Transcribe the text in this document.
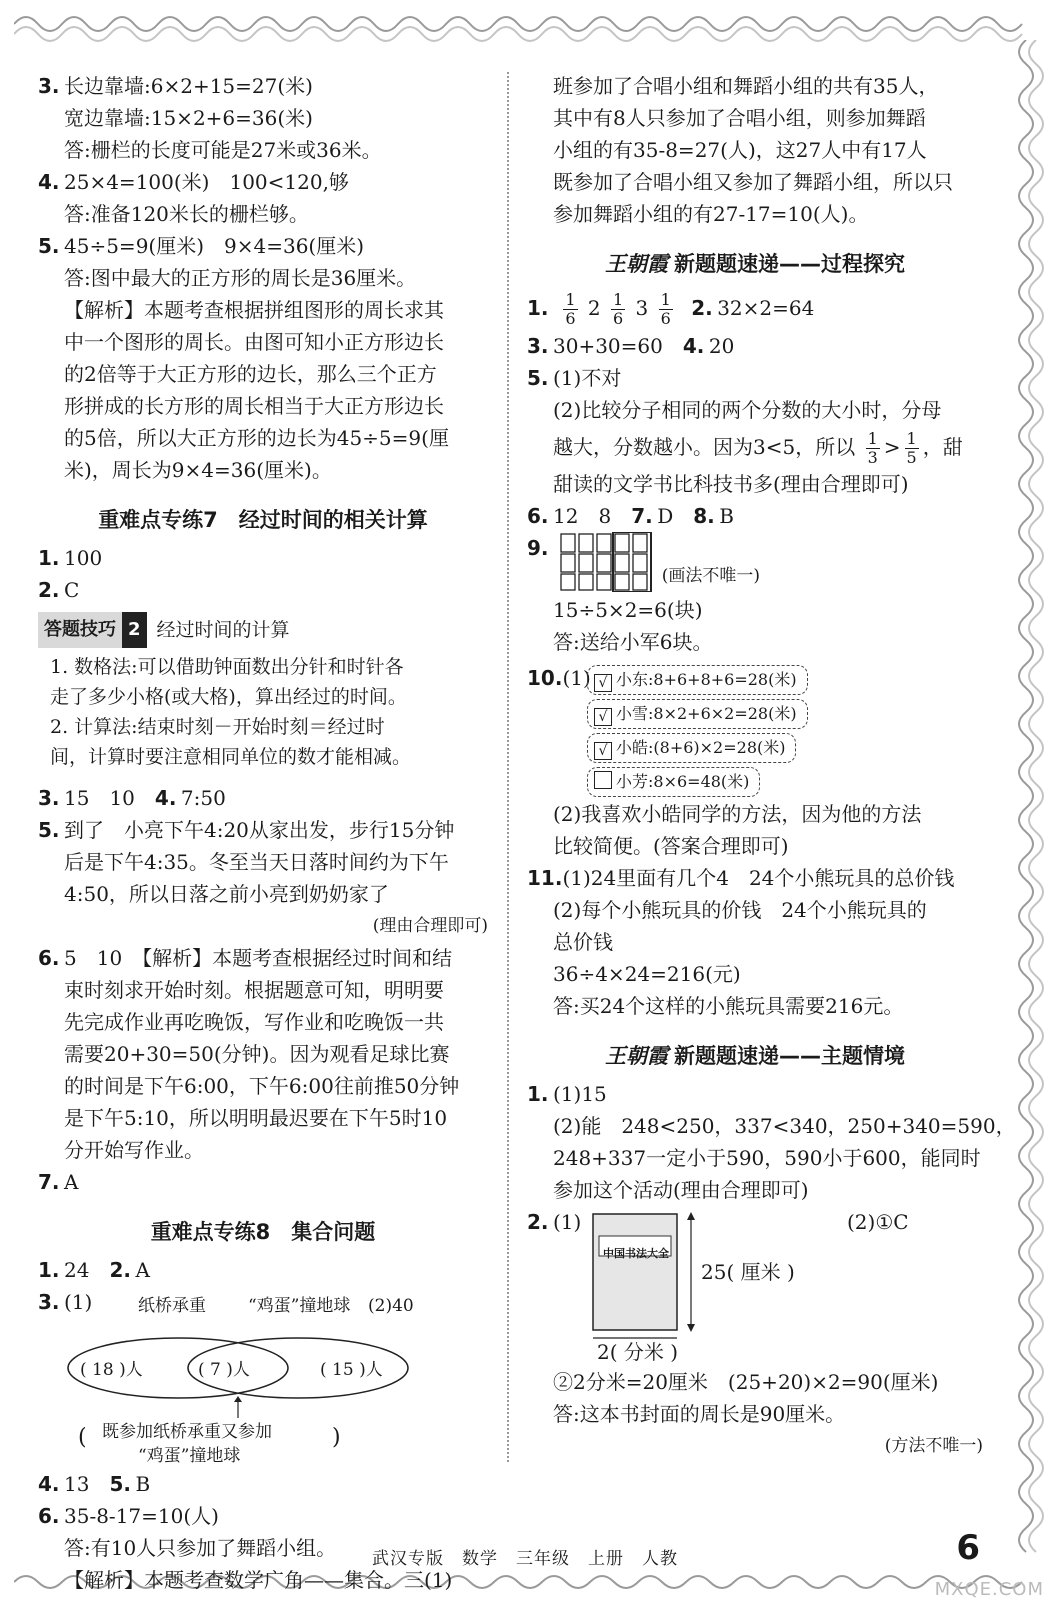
3. 长边靠墙:6×2+15=27(米)
宽边靠墙:15×2+6=36(米)
答:栅栏的长度可能是27米或36米。
4. 25×4=100(米)　100<120,够
答:准备120米长的栅栏够。
5. 45÷5=9(厘米)　9×4=36(厘米)
答:图中最大的正方形的周长是36厘米。
【解析】本题考查根据拼组图形的周长求其
中一个图形的周长。由图可知小正方形边长
的2倍等于大正方形的边长，那么三个正方
形拼成的长方形的周长相当于大正方形边长
的5倍，所以大正方形的边长为45÷5=9(厘
米)，周长为9×4=36(厘米)。
重难点专练7　经过时间的相关计算
1. 100
2. C
答题技巧 2 经过时间的计算
1. 数格法:可以借助钟面数出分针和时针各
走了多少小格(或大格)，算出经过的时间。
2. 计算法:结束时刻－开始时刻＝经过时
间，计算时要注意相同单位的数才能相减。
3. 15　10　 4. 7:50
5. 到了　小亮下午4:20从家出发，步行15分钟
后是下午4:35。冬至当天日落时间约为下午
4:50，所以日落之前小亮到奶奶家了
(理由合理即可)
6. 5　10　【解析】本题考查根据经过时间和结
束时刻求开始时刻。根据题意可知，明明要
先完成作业再吃晚饭，写作业和吃晚饭一共
需要20+30=50(分钟)。因为观看足球比赛
的时间是下午6:00，下午6:00往前推50分钟
是下午5:10，所以明明最迟要在下午5时10
分开始写作业。
7. A
重难点专练8　集合问题
1. 24　 2. A
3. (1)	纸桥承重 “鸡蛋”撞地球 (2)40
( 18 )人	( 7 )人	( 15 )人
(	)
既参加纸桥承重又参加
“鸡蛋”撞地球
4. 13　 5. B
6. 35-8-17=10(人)
答:有10人只参加了舞蹈小组。
【解析】本题考查数学广角——集合。三(1)
班参加了合唱小组和舞蹈小组的共有35人，
其中有8人只参加了合唱小组，则参加舞蹈
小组的有35-8=27(人)，这27人中有17人
既参加了合唱小组又参加了舞蹈小组，所以只
参加舞蹈小组的有27-17=10(人)。
王朝霞 新题题速递——过程探究
1. $\frac{1}{6} 2 \frac{1}{6} 3 \frac{1}{6} 2$. 32×2=64
3. 30+30=60　 4. 20
5. (1)不对
(2)比较分子相同的两个分数的大小时，分母
越大，分数越小。因为3<5，所以 $\frac{1}{3} > \frac{1}{5}$ ，甜
甜读的文学书比科技书多(理由合理即可)
6. 12　8　 7. D　 8. B
9.  (画法不唯一)
15÷5×2=6(块)
答:送给小军6块。
10.(1) √ 小东:8+6+8+6=28(米)
√ 小雪:8×2+6×2=28(米)
√ 小皓:(8+6)×2=28(米)
小芳:8×6=48(米)
(2)我喜欢小皓同学的方法，因为他的方法
比较简便。(答案合理即可)
11.(1)24里面有几个4　24个小熊玩具的总价钱
(2)每个小熊玩具的价钱　24个小熊玩具的
总价钱
36÷4×24=216(元)
答:买24个这样的小熊玩具需要216元。
王朝霞 新题题速递——主题情境
1. (1)15
(2)能　248<250，337<340，250+340=590，
248+337一定小于590，590小于600，能同时
参加这个活动(理由合理即可)
2. (1)
中国书法大全
25( 厘米 )
2( 分米 )
(2)①C
②2分米=20厘米　(25+20)×2=90(厘米)
答:这本书封面的周长是90厘米。
(方法不唯一)
武汉专版　数学　三年级　上册　人教	6
MXQE.COM
